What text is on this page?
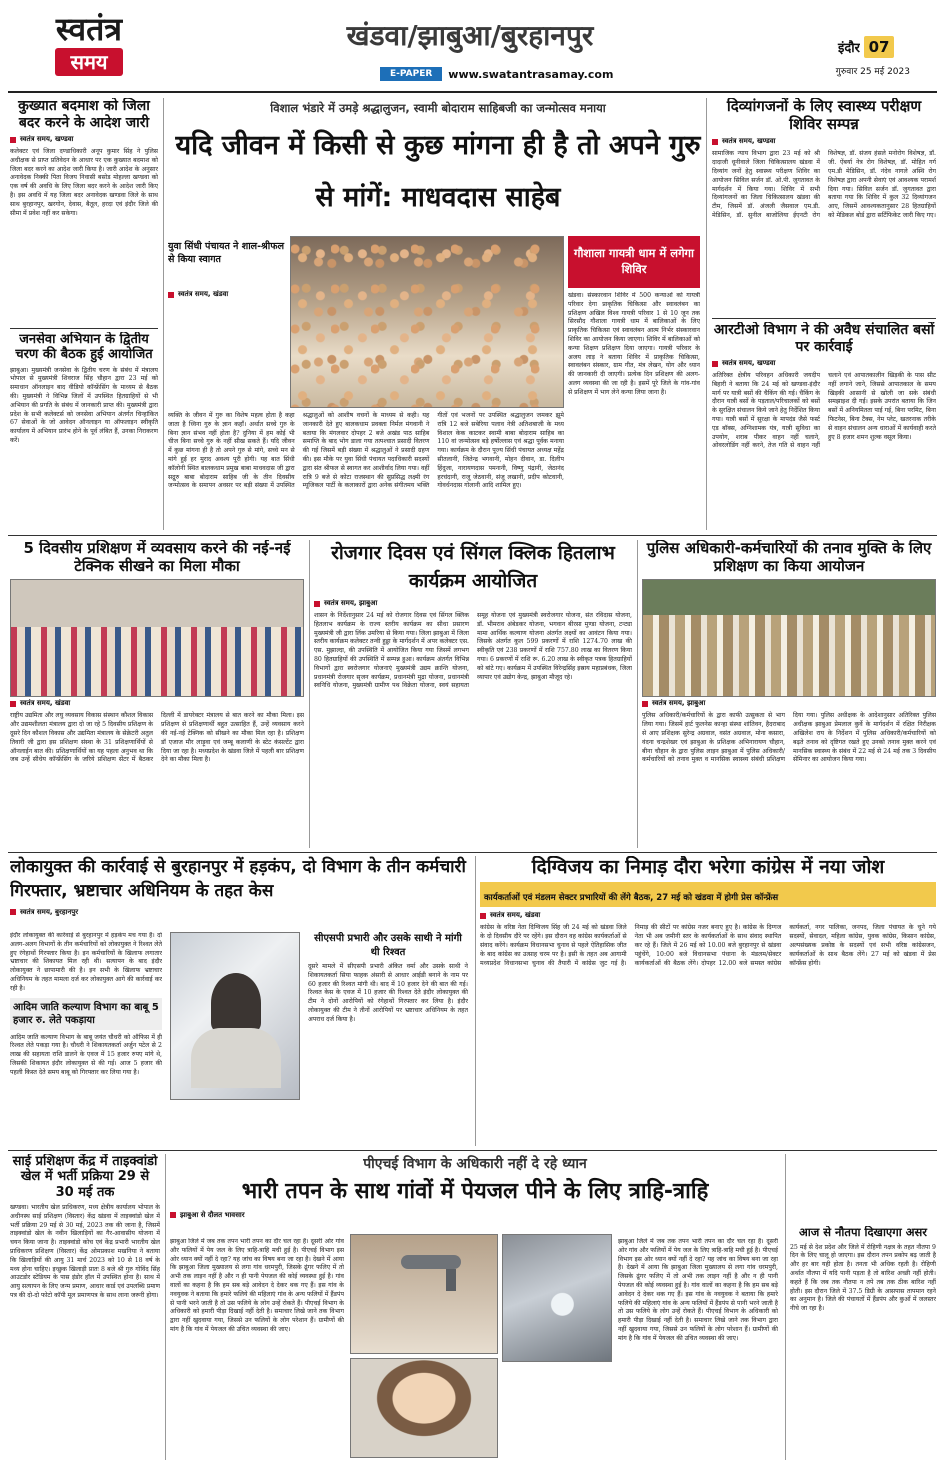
स्वतंत्र
समय
खंडवा/झाबुआ/बुरहानपुर
E-PAPER	www.swatantrasamay.com
इंदौर 07
गुरुवार 25 मई 2023
कुख्यात बदमाश को जिला बदर करने के आदेश जारी
स्वतंत्र समय, खण्डवा
कलेक्टर एवं जिला दण्डाधिकारी अनूप कुमार सिंह ने पुलिस अधीक्षक से प्राप्त प्रतिवेदन के आधार पर एक कुख्यात बदमाश को जिला बदर करने का आदेश जारी किया है। जारी आदेश के अनुसार अनावेदक निक्की पिता विजय निवासी बसोड मोहल्ला खण्डवा को एक वर्ष की अवधि के लिए जिला बदर करने के आदेश जारी किए है। इस अवधि में यह जिला बदर अनावेदक खण्डवा जिले के साथ साथ बुरहानपुर, खरगोन, देवास, बैतूल, हरदा एवं इंदौर जिले की सीमा में प्रवेश नहीं कर सकेगा।
जनसेवा अभियान के द्वितीय चरण की बैठक हुई आयोजित
झाबुआ। मुख्यमंत्री जनसेवा के द्वितीय चरण के संबंध में मंत्रालय भोपाल से मुख्यमंत्री शिवराज सिंह चौहान द्वारा 23 मई को समाधान ऑनलाइन बाद वीडियो कॉन्फ्रेंसिंग के माध्यम से बैठक की। मुख्यमंत्री ने विभिन्न जिलों में उपस्थित हितग्राहियों से भी अभियान की प्रगति के संबंध में जानकारी प्राप्त की। मुख्यमंत्री द्वारा प्रदेश के सभी कलेक्टर्स को जनसेवा अभियान अंतर्गत चिन्हांकित 67 सेवाओं के जो आवेदन ऑनलाइन या ऑफलाइन स्वीकृति कार्यालय में अभियान प्रारंभ होने के पूर्व लंबित हैं, उनका निराकरण करें।
विशाल भंडारे में उमड़े श्रद्धालुजन, स्वामी बोदाराम साहिबजी का जन्मोत्सव मनाया
यदि जीवन में किसी से कुछ मांगना ही है तो अपने गुरु से मांगें: माधवदास साहेब
युवा सिंधी पंचायत ने शाल-श्रीफल से किया स्वागत
स्वतंत्र समय, खंडवा
व्यक्ति के जीवन में गुरु का विशेष महत्व होता है कहा जाता है ध्विना गुरु के ज्ञान कहाँ। अर्थात सच्चे गुरु के बिना ज्ञान संभव नहीं होता है? दुनिया में हम कोई भी चीज बिना सच्चे गुरु के नहीं सीख सकते हैं। यदि जीवन में कुछ मांगना ही है तो अपने गुरु से मांगे, सच्चे मन से मांगे हुई हर मुराद अवश्य पूरी होगी। यह बात सिंधी कॉलोनी स्थित बालकधाम प्रमुख बाबा माधवदास जी द्वारा सद्गुरु बाबा बोदाराम साहिब जी के तीन दिवसीय जन्मोत्सव के समापन अवसर पर बड़ी संख्या में उपस्थित श्रद्धालुओं को आशीष वचनों के माध्यम से कही। यह जानकारी देते हुए बालकधाम प्रवक्ता निर्मल मंगवानी ने बताया कि मंगलवार दोपहर 2 बजे अखंड पाठ साहिब समाप्ति के बाद भोग डाला गया तत्पश्चात प्रसादी वितरण की गई जिसमें बड़ी संख्या में श्रद्धालुओं ने प्रसादी ग्रहण की। इस मौके पर युवा सिंधी पंचायत पदाधिकारी सदस्यों द्वारा संत श्रीफल से स्वागत कर आशीर्वाद लिया गया। वहीं रात्रि 9 बजे से कोटा राजस्थान की सुप्रसिद्ध लक्ष्मी रंग म्यूजिकल पार्टी के कलाकारों द्वारा अनेक संगीतमय भक्ति गीतों एवं भजनों पर उपस्थित श्रद्धालुजन जमकर झूमे रात्रि 12 बजे सबेरिया पलाव नेत्री अतिशबाजी के मध्य विशाल केक काटकर स्वामी बाबा बोदाराम साहिब का 110 वां जन्मोत्सव बड़े हर्षोल्लास एवं श्रद्धा पूर्वक मनाया गया। कार्यक्रम के दौरान पूज्य सिंधी पंचायत अध्यक्ष महेंद्र सीतलानी, जितेन्द्र भगवानी, मोहन दीवान, डा. दिलीप हिंदुजा, नारायणदास पमनानी, विष्णु पंद्रानी, जेठानंद हरचंदानी, राजू जेठवानी, संजू लखानी, प्रदीप कोटवानी, गोवर्धनदास गोलानी आदि शामिल हुए।
गौशाला गायत्री धाम में लगेगा शिविर
खंडवा। संस्कारवान शिविर में 500 कन्याओं को गायत्री परिवार देगा प्राकृतिक चिकित्सा और स्वावलंबन का प्रशिक्षण अखिल विश्व गायत्री परिवार 1 से 10 जून तक सिरसौद गौशाला गायत्री धाम में बालिकाओं के लिए प्राकृतिक चिकित्सा एवं स्वावलंबन आत्म निर्भर संस्कारवान शिविर का आयोजन किया जाएगा। शिविर में बालिकाओं को कन्या शिक्षण प्रशिक्षण दिया जाएगा। गायत्री परिवार के अजय लाड़ ने बताया शिविर में प्राकृतिक चिकित्सा, स्वावलंबन संस्कार, ग्राम गीत, मंत्र लेखन, योग और ध्यान की जानकारी दी जाएगी। प्रत्येक दिन प्रशिक्षण की अलग-अलग व्यवस्था की जा रही है। इसमें पूरे जिले के गांव-गांव से प्रशिक्षण में भाग लेने कन्या लिया जाना है।
दिव्यांगजनों के लिए स्वास्थ्य परीक्षण शिविर सम्पन्न
स्वतंत्र समय, खण्डवा
सामाजिक न्याय विभाग द्वारा 23 मई को श्री दादाजी धूनीवाले जिला चिकित्सालय खंडवा में दिव्यांग जनों हेतु स्वास्थ्य परीक्षण शिविर का आयोजन सिविल सर्जन डॉ. ओ.पी. जुगतावत के मार्गदर्शन में किया गया। शिविर में सभी दिव्यांगजनों का जिला चिकित्सालय खंडवा की टीम, जिसमें डॉ. अंजली जैसवाल एम.डी. मेडिसिन, डॉ. सुनील बाजोलिया ईएनटी रोग विशेषज्ञ, डॉ. संजय हंसले मनोरोग विशेषज्ञ, डॉ. जी. ऐंबर्या नेत्र रोग विशेषज्ञ, डॉ. मोहित गर्ग एम.डी मेडिसिन, डॉ. नंदेव नागले अस्थि रोग विशेषज्ञ द्वारा अपनी सेवाएं एवं आवश्यक परामर्श दिया गया। सिविल सर्जन डॉ. जुगतावत द्वारा बताया गया कि शिविर में कुल 32 दिव्यांगजन आए, जिसमें आवश्यकतानुसार 28 हितग्राहियों को मेडिकल बोर्ड द्वारा सर्टिफिकेट जारी किए गए।
आरटीओ विभाग ने की अवैध संचालित बसों पर कार्रवाई
स्वतंत्र समय, खण्डवा
अतिरिक्त क्षेत्रीय परिवहन अधिकारी जयदीप बिहारी ने बताया कि 24 मई को खण्डवा-इंदौर मार्ग पर यात्री बसों की चैकिंग की गई। चैकिंग के दौरान यात्री बसों के पड़ताल/परिचालकों को बसों के सुरक्षित संचालन किये जाने हेतु निर्देशित किया गया। यात्री बसों में सुरक्षा के मापदंड जैसे फर्स्ट एड बॉक्स, अग्निशामक यंत्र, यात्री सुविधा का उपयोग, शराब पीकर वाहन नहीं चलाने, ओवरलोडिंग नहीं करने, तेज गति से वाहन नहीं चलाने एवं आपातकालीन खिड़की के पास सीट नहीं लगाने जाने, जिससे आपातकाल के समय खिड़की आसानी से खोली जा सके संबंधी समझाइश दी गई। इसके उपरांत बताया कि जिन बसों में अनियमितता पाई गई, बिना परमिट, बिना फिटनेस, बिना टैक्स, नेम प्लेट, खतरनाक तरीके से वाहन संचालन अन्य धाराओं में कार्यवाही करते हुए 8 हजार शमन शुल्क वसूल किया।
5 दिवसीय प्रशिक्षण में व्यवसाय करने की नई-नई टेक्निक सीखने का मिला मौका
स्वतंत्र समय, खंडवा
राष्ट्रीय उद्यमिता और लघु व्यवसाय विकास संस्थान कौशल विकास और उद्यमशीलता मंत्रालय द्वारा दो जा रहे 5 दिवसीय प्रशिक्षण के दूसरे दिन कौशल विकास और उद्यमिता मंत्रालय के सेक्रेटरी अतुल तिवारी जी द्वारा इस प्रशिक्षण संस्था के 31 प्रशिक्षणार्थियों से ऑनलाईन बात की। प्रशिक्षणार्थियों का यह पहला अनुभव था कि जब उन्हें सीधेय कॉन्फ्रेंसिंग के जरिये प्रशिक्षण सेंटर में बैठकर दिल्ली में डायरेक्टर मंत्रालय से बात करने का मौका मिला। इस प्रशिक्षण से प्रशिक्षणार्थी बहुत उत्साहित हैं, उन्हें व्यवसाय करने की नई-नई टेक्निक को सीखने का मौका मिल रहा है। प्रशिक्षण डॉ एजाज मौर लाड़ूवा एवं जम्बू कलाणी के स्टेट कंसल्टेंट द्वारा दिया जा रहा है। मध्यप्रदेश के खंडवा जिले में पहली बार प्रशिक्षण देने का मौका मिला है।
रोजगार दिवस एवं सिंगल क्लिक हितलाभ कार्यक्रम आयोजित
स्वतंत्र समय, झाबुआ
शासन के निर्देशानुसार 24 मई को रोजगार दिवस एवं सिंगल क्लिक हितलाभ कार्यक्रम के राज्य स्तरीय कार्यक्रम का सीधा प्रसारण मुख्यमंत्री जी द्वारा लिंक उमरिया से किया गया। जिला झाबुआ में जिला स्तरीय कार्यक्रम कलेक्टर तन्वी हुड्डा के मार्गदर्शन में अपर कलेक्टर एस. एस. मुझाल्दा, की उपस्थिति में आयोजित किया गया जिसमें लगभग 80 हितग्राहियों की उपस्थिति में सम्पन्न हुआ। कार्यक्रम अंतर्गत विभिन्न विभागों द्वारा स्वरोजगार योजनाएं मुख्यमंत्री उद्यम क्रान्ति योजना, प्रधानमंत्री रोजगार सृजन कार्यक्रम, प्रधानमंत्री मुद्रा योजना, प्रधानमंत्री स्वनिधि योजना, मुख्यमंत्री ग्रामीण पथ विक्रेता योजना, स्वयं सहायता समूह योजना एवं मुख्यमंत्री स्वरोजगार योजना, संत रविदास योजना, डॉ. भीमराव अंबेडकर योजना, भगवान बीरसा मुण्डा योजना, टन्ट्या मामा आर्थिक कल्याण योजना अंतर्गत लक्ष्यों का आवंटन किया गया। जिसके अंतर्गत कुल 599 प्रकरणों में राशि 1274.70 लाख की स्वीकृति एवं 238 प्रकरणों में राशि 757.80 लाख का वितरण किया गया। 6 प्रकरणों में राशि रू. 6.20 लाख के स्वीकृत पत्रक हितग्राहियों को बांटे गए। कार्यक्रम में उपस्थित विरेन्द्रसिंह इस्राय महाप्रबंधक, जिला व्यापार एवं उद्योग केन्द्र, झाबुआ मौजूद रहे।
पुलिस अधिकारी-कर्मचारियों की तनाव मुक्ति के लिए प्रशिक्षण का किया आयोजन
स्वतंत्र समय, झाबुआ
पुलिस अधिकारी/कर्मचारियों के द्वारा काफी उत्सुकता से भाग लिया गया। जिसमें हार्ट फुलनेस कान्हा संस्था शांतिवन, हैदराबाद से आए प्रशिक्षक सुरेन्द्र अग्रवाल, वसंत अग्रवाल, मोना कसारा, वंदना चन्द्रशेखर एवं झाबुआ के प्रशिक्षक अभिनारायण चौहान, बीना चौहान के द्वारा पुलिस लाइन झाबुआ में पुलिस अधिकारी/कर्मचारियों को तनाव मुक्त व मानसिक स्वास्थ्य संबंधी प्रशिक्षण दिया गया। पुलिस अधीक्षक के आदेशानुसार अतिरिक्त पुलिस अधीक्षक झाबुआ प्रेमलाल कुर्वे के मार्गदर्शन में रक्षित निरीक्षक अखिलेश राय के निर्देशन में पुलिस अधिकारी/कर्मचारियों को बढ़ते तनाव को दृष्टिगत रखते हुए उनको तनाव मुक्त करने एवं मानसिक स्वास्थ्य के संबंध में 22 मई से 24 मई तक 3 दिवसीय सेमिनार का आयोजन किया गया।
लोकायुक्त की कार्रवाई से बुरहानपुर में हड़कंप, दो विभाग के तीन कर्मचारी गिरफ्तार, भ्रष्टाचार अधिनियम के तहत केस
स्वतंत्र समय, बुरहानपुर
इंदौर लोकायुक्त की कार्रवाई से बुरहानपुर में हड़कंप मच गया है। दो अलग-अलग विभागों के तीन कर्मचारियों को लोकायुक्त ने रिश्वत लेते हुए रंगेहाथों गिरफ्तार किया है। इन कर्मचारियों के खिलाफ लगातार भ्रष्टाचार की शिकायत मिल रही थी। सत्यापन के बाद इंदौर लोकायुक्त ने छापामारी की है। इन सभी के खिलाफ भ्रष्टाचार अधिनियम के तहत मामला दर्ज कर लोकायुक्त आगे की कार्रवाई कर रही है।
आदिम जाति कल्याण विभाग का बाबू 5 हजार रु. लेते पकड़ाया
आदिम जाति कल्याण विभाग के बाबू जयंत चौधरी को ऑफिस में ही रिश्वत लेते पकड़ा गया है। चौधरी ने शिकायतकर्ता अर्जुन पटेल से 2 लाख की सहायता राशि डालने के एवज में 15 हजार रुपए मांगे थे, जिसकी शिकायत इंदौर लोकायुक्त से की गई। आज 5 हजार की पहली किस्त देते समय बाबू को गिरफ्तार कर लिया गया है।
सीएसपी प्रभारी और उसके साथी ने मांगी थी रिश्वत
दूसरे मामले में सीएसपी प्रभारी अंकित वर्मा और उसके साथी ने शिकायतकर्ता सिया फाहक अंसारी से आधार आईडी बनाने के नाम पर 60 हजार की रिश्वत मांगी थी। बाद में 10 हजार देने की बात की गई। रिश्वत केस के एवज में 10 हजार की रिश्वत देते इंदौर लोकायुक्त की टीम ने दोनों आरोपियों को रंगेहाथों गिरफ्तार कर लिया है। इंदौर लोकायुक्त की टीम ने तीनों आरोपियों पर भ्रष्टाचार अधिनियम के तहत अपराध दर्ज किया है।
दिग्विजय का निमाड़ दौरा भरेगा कांग्रेस में नया जोश
कार्यकर्ताओं एवं मंडलम सेक्टर प्रभारियों की लेंगे बैठक, 27 मई को खंडवा में होगी प्रेस कॉन्फ्रेंस
स्वतंत्र समय, खंडवा
कांग्रेस के वरिष्ठ नेता दिग्विजय सिंह जी 24 मई को खंडवा जिले के दो दिवसीय दौरे पर रहेंगे। इस दौरान वह कांग्रेस कार्यकर्ताओं से संवाद करेंगे। कार्यक्रम विधानसभा चुनाव से पहले ऐतिहासिक जीत के बाद कांग्रेस का उत्साह चरम पर है। इसी के तहत अब आगामी मध्यप्रदेश विधानसभा चुनाव की तैयारी में कांग्रेस जुट गई है। निमाड़ की सीटों पर कांग्रेस नजर बनाए हुए है। कांग्रेस के दिग्गज नेता भी अब जमीनी स्तर के कार्यकर्ताओं के साथ संवाद स्थापित कर रहे हैं। जिले में 26 मई को 10.00 बजे बुरहानपुर से खंडवा पहुंचेंगे, 10:00 बजे विधानसभा पंधाना के मंडलम/सेक्टर कार्यकर्ताओं की बैठक लेंगे। दोपहर 12.00 बजे समस्त कांग्रेस कार्यकर्ता, नगर पालिका, जनपद, जिला पंचायत के चुने गये सदस्यों, सेवादल, महिला कांग्रेस, युवक कांग्रेस, किसान कांग्रेस, अल्पसंख्यक प्रकोष्ठ के सदस्यों एवं सभी वरिष्ठ कांग्रेसजन, कार्यकर्ताओं के साथ बैठक लेंगे। 27 मई को खंडवा में प्रेस कॉन्फ्रेंस होगी।
साई प्रशिक्षण केंद्र में ताइक्वांडो खेल में भर्ती प्रक्रिया 29 से 30 मई तक
खण्डवा। भारतीय खेल प्राधिकरण, मध्य क्षेत्रीय कार्यालय भोपाल के अधीनस्थ साई प्रशिक्षण (विस्तार) केंद्र खंडवा में ताइक्वांडो खेल में भर्ती प्रक्रिया 29 मई से 30 मई, 2023 तक की जाना है, जिसमें ताइक्वांडो खेल के नवीन खिलाड़ियों का गैर-आवासीय योजना में चयन किया जाना है। ताइक्वांडो कोच एवं केंद्र प्रभारी भारतीय खेल प्राधिकरण प्रशिक्षण (विस्तार) केंद्र ओमप्रकाश मखनिया ने बताया कि खिलाड़ियों की आयु 31 मार्च 2023 को 10 से 18 वर्ष के मध्य होना चाहिए। इच्छुक खिलाड़ी प्रातः 8 बजे श्री गुरु गोविंद सिंह आउटडोर स्टेडियम के पास इंडोर हॉल में उपस्थित होना है। साथ में आयु सत्यापन के लिए जन्म प्रमाण, आधार कार्ड एवं उपलब्धि प्रमाण पत्र की दो-दो फोटो कॉपी मूल प्रमाणपत्र के साथ लाना जरूरी होगा।
पीएचई विभाग के अधिकारी नहीं दे रहे ध्यान
भारी तपन के साथ गांवों में पेयजल पीने के लिए त्राहि-त्राहि
झाबुआ से दौलत भावसार
झाबुआ जिले में जब तक तपन भारी तपन का दौर चल रहा है। दूसरी ओर गांव और फलियों में पेय जल के लिए त्राहि-त्राहि मची हुई है। पीएचई विभाग इस ओर ध्यान क्यों नहीं दे रहा? यह जांच का विषय बना जा रहा है। देखने में आया कि झाबुआ जिला मुख्यालय से लगा गांव धरमपुरी, जिसके ढूंगर फलिए में तो अभी तक लाइन नहीं है और न ही पानी पेयजल की कोई व्यवस्था हुई है। गांव वालों का कहना है कि हम सब बड़े आवेदन दे देकर थक गए हैं। इस गांव के नवयुवक ने बताया कि हमारे फलिये की महिलाएं गांव के अन्य फलियों में हैंडपंप से पानी भरने जाती है तो उस फलिये के लोग उन्हें रोकते हैं। पीएचई विभाग के अधिकारी को हमारी पीड़ा दिखाई नहीं देती है। समाचार लिखे जाने तक विभाग द्वारा नहीं खुदवाया गया, जिससे उन फलियों के लोग परेशान हैं। ग्रामीणों की मांग है कि गांव में पेयजल की उचित व्यवस्था की जाए।
झाबुआ जिले में जब तक तपन भारी तपन का दौर चल रहा है। दूसरी ओर गांव और फलियों में पेय जल के लिए त्राहि-त्राहि मची हुई है। पीएचई विभाग इस ओर ध्यान क्यों नहीं दे रहा? यह जांच का विषय बना जा रहा है। देखने में आया कि झाबुआ जिला मुख्यालय से लगा गांव धरमपुरी, जिसके ढूंगर फलिए में तो अभी तक लाइन नहीं है और न ही पानी पेयजल की कोई व्यवस्था हुई है। गांव वालों का कहना है कि हम सब बड़े आवेदन दे देकर थक गए हैं। इस गांव के नवयुवक ने बताया कि हमारे फलिये की महिलाएं गांव के अन्य फलियों में हैंडपंप से पानी भरने जाती है तो उस फलिये के लोग उन्हें रोकते हैं। पीएचई विभाग के अधिकारी को हमारी पीड़ा दिखाई नहीं देती है। समाचार लिखे जाने तक विभाग द्वारा नहीं खुदवाया गया, जिससे उन फलियों के लोग परेशान हैं। ग्रामीणों की मांग है कि गांव में पेयजल की उचित व्यवस्था की जाए।
आज से नौतपा दिखाएगा असर
25 मई से देश प्रदेश और जिले में रोहिणी नक्षत्र के तहत नौतपा 9 दिन के लिए चालू हो जाएगा। इस दौरान तपन प्रकोप बढ़ जाती है और हर बार यही होता है। तनता भी अधिक रहती है। रोहिणी अर्थात नौतपा में यदि पानी पड़ता है तो बारिश अच्छी नहीं होती। कहते हैं कि जब तक नौतपा न तपे तब तक ठीक बारिश नहीं होती। इस दौरान जिले में 37.5 डिग्री के आसपास तापमान रहने का अनुमान है। जिले की पंचायतों में हैंडपंप और कुओं में जलस्तर नीचे जा रहा है।
